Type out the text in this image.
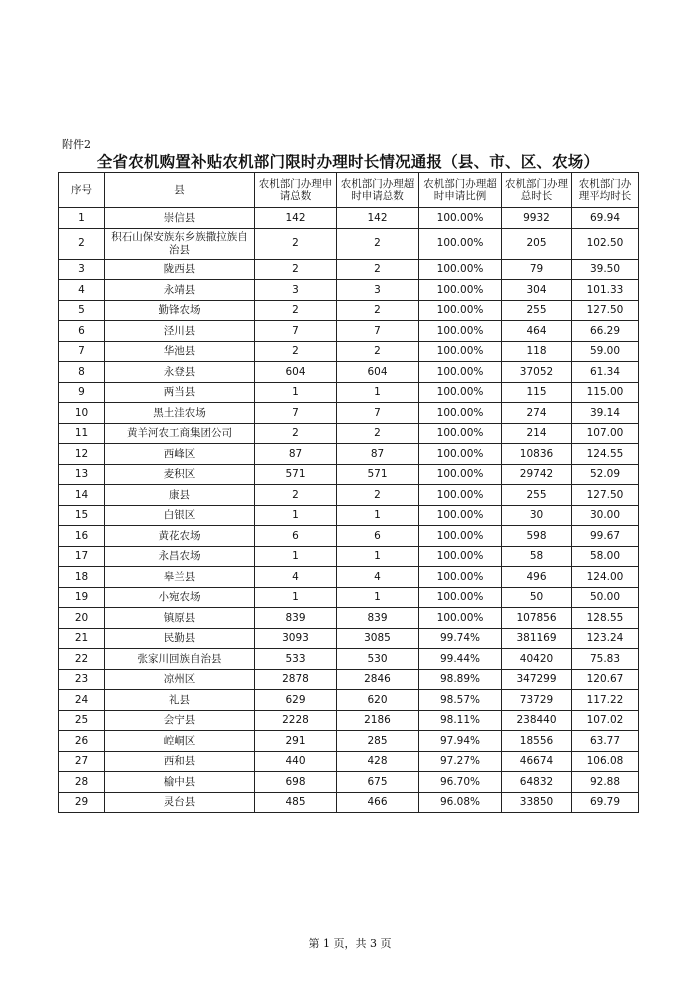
附件2
全省农机购置补贴农机部门限时办理时长情况通报（县、市、区、农场）
序号	县	农机部门办理申请总数	农机部门办理超时申请总数	农机部门办理超时申请比例	农机部门办理总时长	农机部门办理平均时长
1	崇信县	142	142	100.00%	9932	69.94
2	积石山保安族东乡族撒拉族自治县	2	2	100.00%	205	102.50
3	陇西县	2	2	100.00%	79	39.50
4	永靖县	3	3	100.00%	304	101.33
5	勤锋农场	2	2	100.00%	255	127.50
6	泾川县	7	7	100.00%	464	66.29
7	华池县	2	2	100.00%	118	59.00
8	永登县	604	604	100.00%	37052	61.34
9	两当县	1	1	100.00%	115	115.00
10	黑土洼农场	7	7	100.00%	274	39.14
11	黄羊河农工商集团公司	2	2	100.00%	214	107.00
12	西峰区	87	87	100.00%	10836	124.55
13	麦积区	571	571	100.00%	29742	52.09
14	康县	2	2	100.00%	255	127.50
15	白银区	1	1	100.00%	30	30.00
16	黄花农场	6	6	100.00%	598	99.67
17	永昌农场	1	1	100.00%	58	58.00
18	皋兰县	4	4	100.00%	496	124.00
19	小宛农场	1	1	100.00%	50	50.00
20	镇原县	839	839	100.00%	107856	128.55
21	民勤县	3093	3085	99.74%	381169	123.24
22	张家川回族自治县	533	530	99.44%	40420	75.83
23	凉州区	2878	2846	98.89%	347299	120.67
24	礼县	629	620	98.57%	73729	117.22
25	会宁县	2228	2186	98.11%	238440	107.02
26	崆峒区	291	285	97.94%	18556	63.77
27	西和县	440	428	97.27%	46674	106.08
28	榆中县	698	675	96.70%	64832	92.88
29	灵台县	485	466	96.08%	33850	69.79
第 1 页，共 3 页
